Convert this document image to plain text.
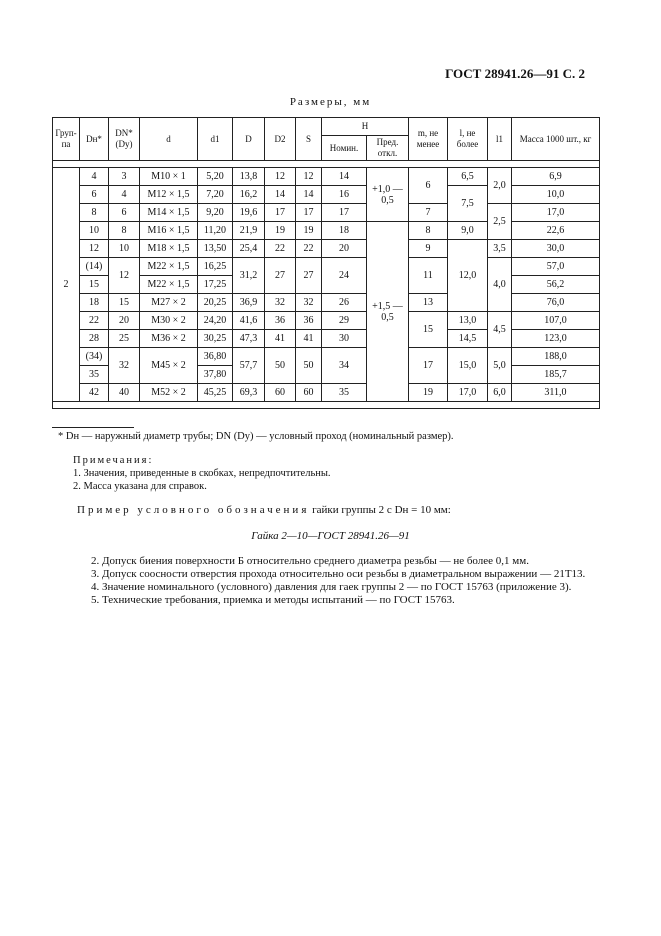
ГОСТ 28941.26—91 С. 2
Размеры, мм
Груп-па	Dн*	DN* (Dу)	d	d1	D	D2	S	H		m, не менее	l, не более	l1	Масса 1000 шт., кг
								Номин.	Пред. откл.				

2	4	3	M10 × 1	5,20	13,8	12	12	14	+1,0 —0,5	6	6,5	2,0	6,9
	6	4	M12 × 1,5	7,20	16,2	14	14	16			7,5		10,0
	8	6	M14 × 1,5	9,20	19,6	17	17	17		7		2,5	17,0
	10	8	M16 × 1,5	11,20	21,9	19	19	18	+1,5 —0,5	8	9,0		22,6
	12	10	M18 × 1,5	13,50	25,4	22	22	20		9	12,0	3,5	30,0
	(14)	12	M22 × 1,5	16,25	31,2	27	27	24		11		4,0	57,0
	15		M22 × 1,5	17,25									56,2
	18	15	M27 × 2	20,25	36,9	32	32	26		13			76,0
	22	20	M30 × 2	24,20	41,6	36	36	29		15	13,0	4,5	107,0
	28	25	M36 × 2	30,25	47,3	41	41	30			14,5		123,0
	(34)	32	M45 × 2	36,80	57,7	50	50	34		17	15,0	5,0	188,0
	35			37,80									185,7
	42	40	M52 × 2	45,25	69,3	60	60	35		19	17,0	6,0	311,0

* Dн — наружный диаметр трубы; DN (Dу) — условный проход (номинальный размер).
Примечания:
1. Значения, приведенные в скобках, непредпочтительны.
2. Масса указана для справок.
Пример условного обозначения гайки группы 2 с Dн = 10 мм:
Гайка 2—10—ГОСТ 28941.26—91

2. Допуск биения поверхности Б относительно среднего диаметра резьбы — не более 0,1 мм.

3. Допуск соосности отверстия прохода относительно оси резьбы в диаметральном выражении — 21Т13.

4. Значение номинального (условного) давления для гаек группы 2 — по ГОСТ 15763 (приложение 3).

5. Технические требования, приемка и методы испытаний — по ГОСТ 15763.
